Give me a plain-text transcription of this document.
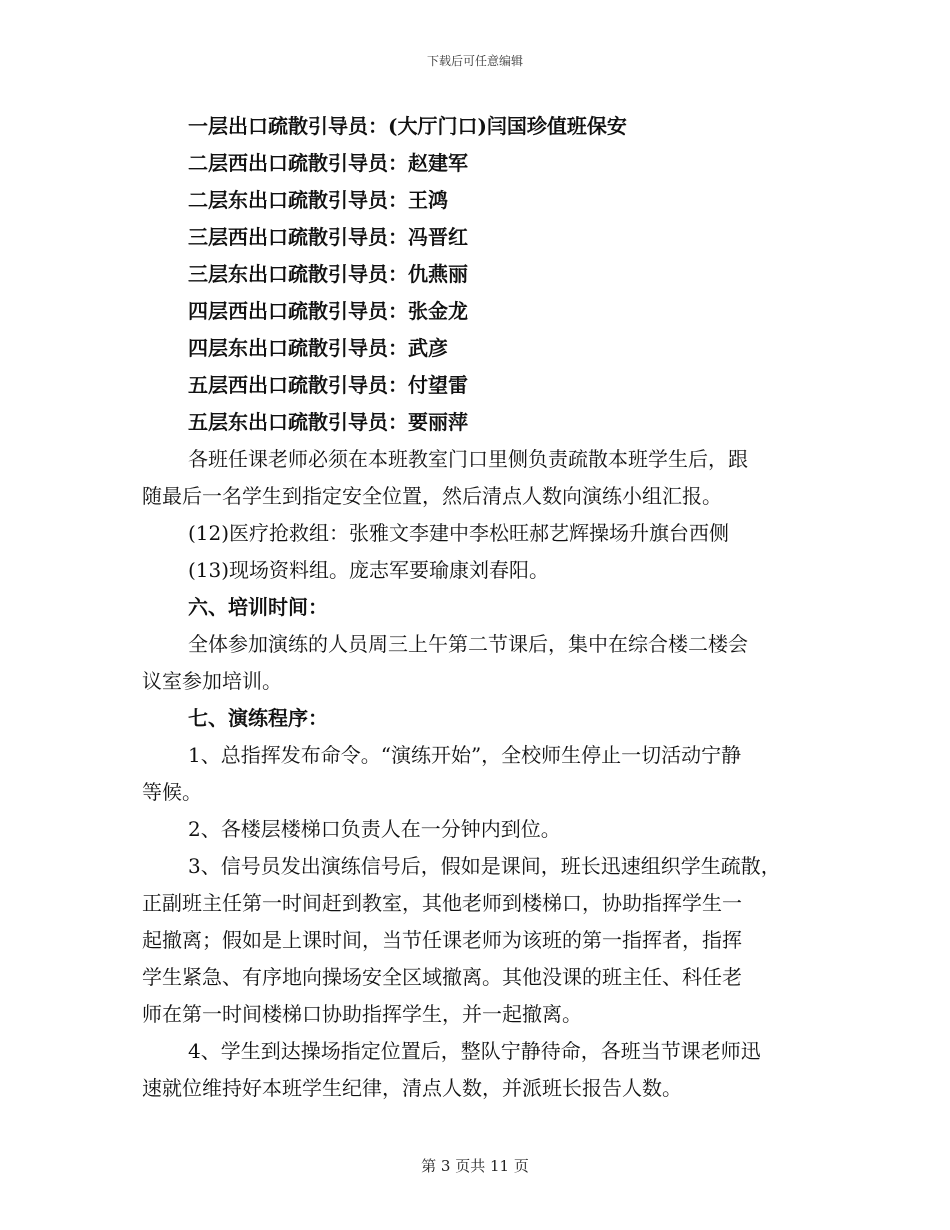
下载后可任意编辑
一层出口疏散引导员：(大厅门口)闫国珍值班保安
二层西出口疏散引导员：赵建军
二层东出口疏散引导员：王鸿
三层西出口疏散引导员：冯晋红
三层东出口疏散引导员：仇燕丽
四层西出口疏散引导员：张金龙
四层东出口疏散引导员：武彦
五层西出口疏散引导员：付望雷
五层东出口疏散引导员：要丽萍
各班任课老师必须在本班教室门口里侧负责疏散本班学生后，跟
随最后一名学生到指定安全位置，然后清点人数向演练小组汇报。
(12)医疗抢救组：张雅文李建中李松旺郝艺辉操场升旗台西侧
(13)现场资料组。庞志军要瑜康刘春阳。
六、培训时间：
全体参加演练的人员周三上午第二节课后，集中在综合楼二楼会
议室参加培训。
七、演练程序：
1、总指挥发布命令。“演练开始”，全校师生停止一切活动宁静
等候。
2、各楼层楼梯口负责人在一分钟内到位。
3、信号员发出演练信号后，假如是课间，班长迅速组织学生疏散，
正副班主任第一时间赶到教室，其他老师到楼梯口，协助指挥学生一
起撤离；假如是上课时间，当节任课老师为该班的第一指挥者，指挥
学生紧急、有序地向操场安全区域撤离。其他没课的班主任、科任老
师在第一时间楼梯口协助指挥学生，并一起撤离。
4、学生到达操场指定位置后，整队宁静待命，各班当节课老师迅
速就位维持好本班学生纪律，清点人数，并派班长报告人数。
第 3 页共 11 页
